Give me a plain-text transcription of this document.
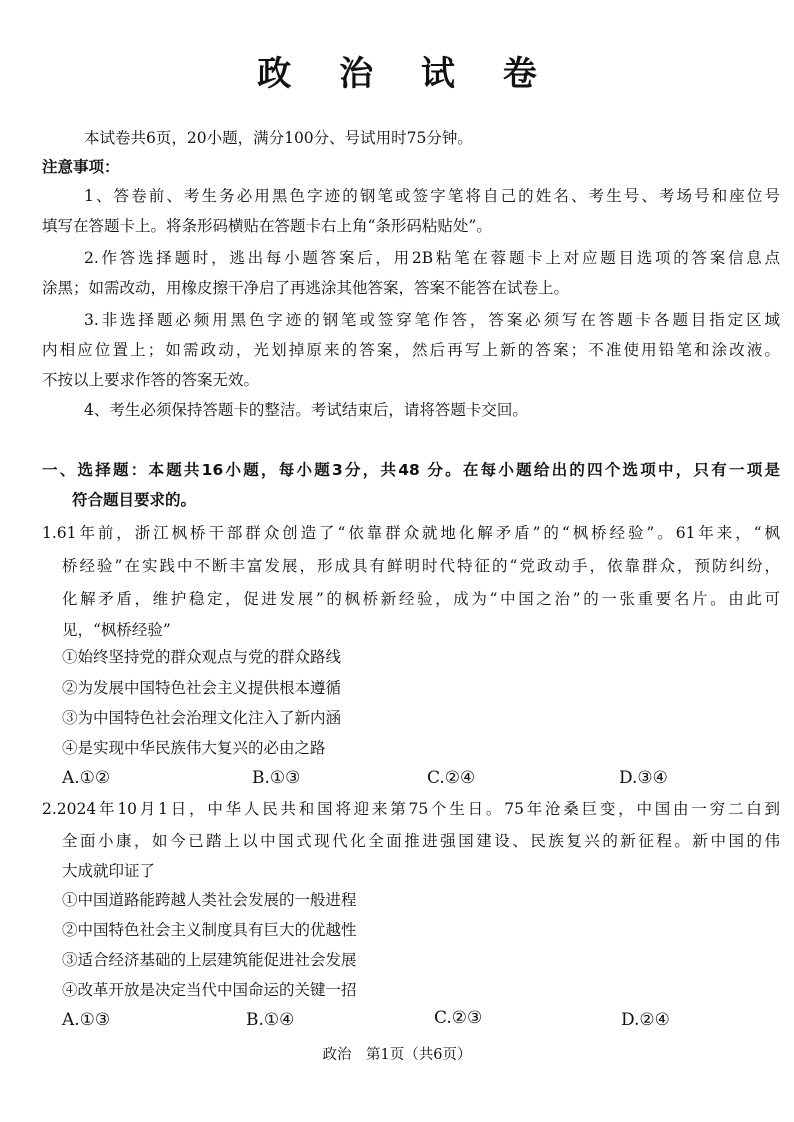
政 治 试 卷
本试卷共6页，20小题，满分100分、号试用时75分钟。
注意事项：
1、答卷前、考生务必用黑色字迹的钢笔或签字笔将自己的姓名、考生号、考场号和座位号
填写在答题卡上。将条形码横贴在答题卡右上角“条形码粘贴处”。
2.作答选择题时，逃出每小题答案后，用2B粘笔在蓉题卡上对应题目选项的答案信息点
涂黑；如需改动，用橡皮擦干净启了再逃涂其他答案，答案不能答在试卷上。
3.非选择题必频用黑色字迹的钢笔或签穿笔作答，答案必须写在答题卡各题目指定区域
内相应位置上；如需政动，光划掉原来的答案，然后再写上新的答案；不准使用铅笔和涂改液。
不按以上要求作答的答案无效。
4、考生必须保持答题卡的整洁。考试结束后，请将答题卡交回。
一、选择题：本题共16小题，每小题3分，共48 分。在每小题给出的四个选项中，只有一项是
符合题目要求的。
1.61年前，浙江枫桥干部群众创造了“依靠群众就地化解矛盾”的“枫桥经验”。61年来，“枫
桥经验”在实践中不断丰富发展，形成具有鲜明时代特征的“党政动手，依靠群众，预防纠纷，
化解矛盾，维护稳定，促进发展”的枫桥新经验，成为“中国之治”的一张重要名片。由此可
见，“枫桥经验”
①始终坚持党的群众观点与党的群众路线
②为发展中国特色社会主义提供根本遵循
③为中国特色社会治理文化注入了新内涵
④是实现中华民族伟大复兴的必由之路
A.①②	B.①③	C.②④	D.③④
2.2024年10月1日，中华人民共和国将迎来第75个生日。75年沧桑巨变，中国由一穷二白到
全面小康，如今已踏上以中国式现代化全面推进强国建设、民族复兴的新征程。新中国的伟
大成就印证了
①中国道路能跨越人类社会发展的一般进程
②中国特色社会主义制度具有巨大的优越性
③适合经济基础的上层建筑能促进社会发展
④改革开放是决定当代中国命运的关键一招
A.①③	B.①④	C.②③	D.②④
政治　第1页（共6页）
